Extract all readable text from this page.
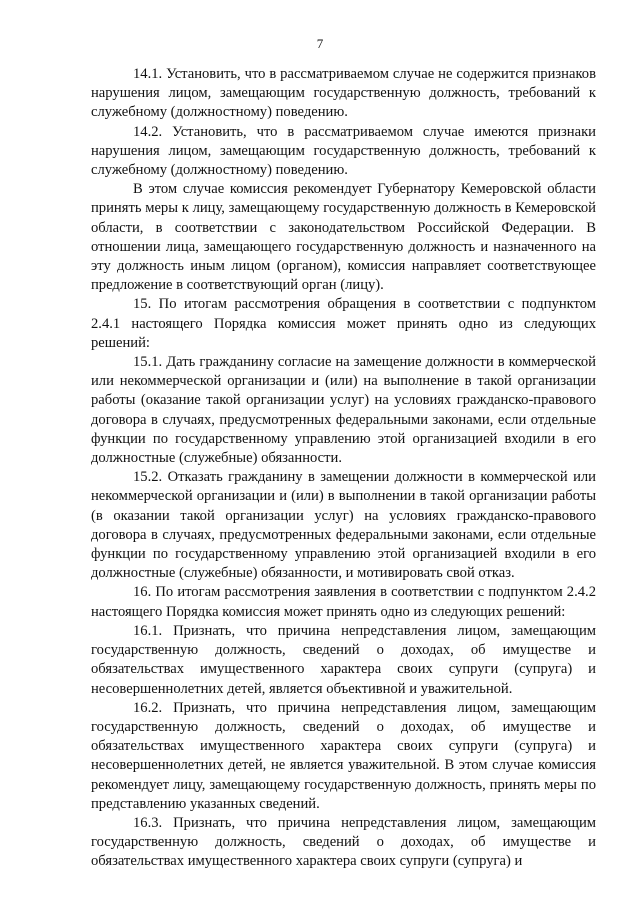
7

14.1. Установить, что в рассматриваемом случае не содержится признаков нарушения лицом, замещающим государственную должность, требований к служебному (должностному) поведению.

14.2. Установить, что в рассматриваемом случае имеются признаки нарушения лицом, замещающим государственную должность, требований к служебному (должностному) поведению.

В этом случае комиссия рекомендует Губернатору Кемеровской области принять меры к лицу, замещающему государственную должность в Кемеровской области, в соответствии с законодательством Российской Федерации. В отношении лица, замещающего государственную должность и назначенного на эту должность иным лицом (органом), комиссия направляет соответствующее предложение в соответствующий орган (лицу).

15. По итогам рассмотрения обращения в соответствии с подпунктом 2.4.1 настоящего Порядка комиссия может принять одно из следующих решений:

15.1. Дать гражданину согласие на замещение должности в коммерческой или некоммерческой организации и (или) на выполнение в такой организации работы (оказание такой организации услуг) на условиях гражданско-правового договора в случаях, предусмотренных федеральными законами, если отдельные функции по государственному управлению этой организацией входили в его должностные (служебные) обязанности.

15.2. Отказать гражданину в замещении должности в коммерческой или некоммерческой организации и (или) в выполнении в такой организации работы (в оказании такой организации услуг) на условиях гражданско-правового договора в случаях, предусмотренных федеральными законами, если отдельные функции по государственному управлению этой организацией входили в его должностные (служебные) обязанности, и мотивировать свой отказ.

16. По итогам рассмотрения заявления в соответствии с подпунктом 2.4.2 настоящего Порядка комиссия может принять одно из следующих решений:

16.1. Признать, что причина непредставления лицом, замещающим государственную должность, сведений о доходах, об имуществе и обязательствах имущественного характера своих супруги (супруга) и несовершеннолетних детей, является объективной и уважительной.

16.2. Признать, что причина непредставления лицом, замещающим государственную должность, сведений о доходах, об имуществе и обязательствах имущественного характера своих супруги (супруга) и несовершеннолетних детей, не является уважительной. В этом случае комиссия рекомендует лицу, замещающему государственную должность, принять меры по представлению указанных сведений.

16.3. Признать, что причина непредставления лицом, замещающим государственную должность, сведений о доходах, об имуществе и обязательствах имущественного характера своих супруги (супруга) и
